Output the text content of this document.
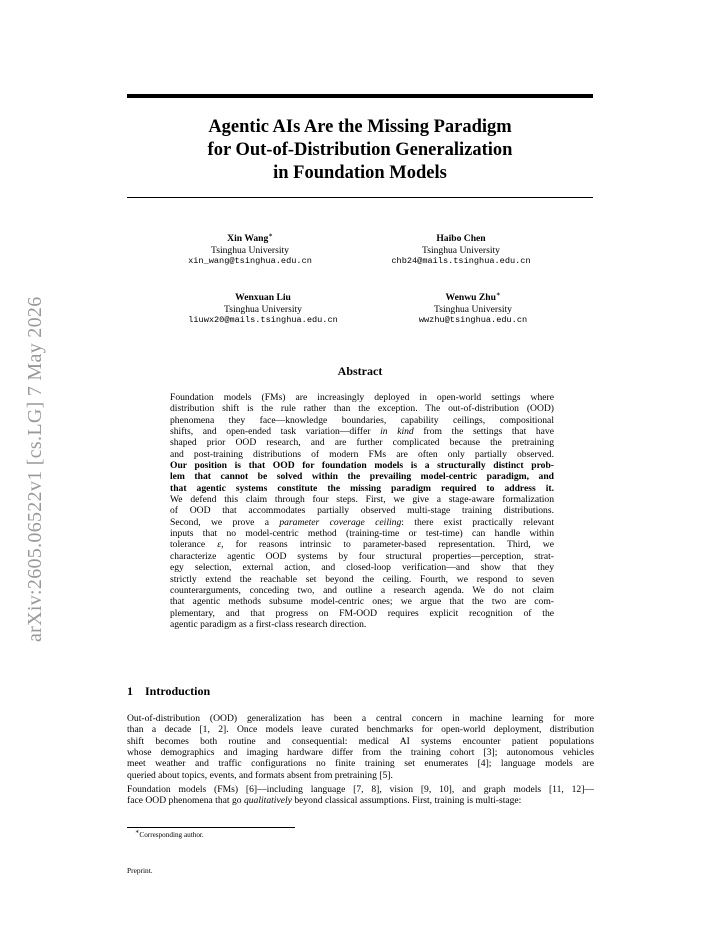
arXiv:2605.06522v1 [cs.LG] 7 May 2026
Agentic AIs Are the Missing Paradigm
for Out-of-Distribution Generalization
in Foundation Models
Xin Wang∗
Tsinghua University
xin_wang@tsinghua.edu.cn
Haibo Chen
Tsinghua University
chb24@mails.tsinghua.edu.cn
Wenxuan Liu
Tsinghua University
liuwx20@mails.tsinghua.edu.cn
Wenwu Zhu∗
Tsinghua University
wwzhu@tsinghua.edu.cn
Abstract
Foundation models (FMs) are increasingly deployed in open-world settings where
distribution shift is the rule rather than the exception. The out-of-distribution (OOD)
phenomena they face—knowledge boundaries, capability ceilings, compositional
shifts, and open-ended task variation—differ in kind from the settings that have
shaped prior OOD research, and are further complicated because the pretraining
and post-training distributions of modern FMs are often only partially observed.
Our position is that OOD for foundation models is a structurally distinct prob-
lem that cannot be solved within the prevailing model-centric paradigm, and
that agentic systems constitute the missing paradigm required to address it.
We defend this claim through four steps. First, we give a stage-aware formalization
of OOD that accommodates partially observed multi-stage training distributions.
Second, we prove a parameter coverage ceiling: there exist practically relevant
inputs that no model-centric method (training-time or test-time) can handle within
tolerance ε, for reasons intrinsic to parameter-based representation. Third, we
characterize agentic OOD systems by four structural properties—perception, strat-
egy selection, external action, and closed-loop verification—and show that they
strictly extend the reachable set beyond the ceiling. Fourth, we respond to seven
counterarguments, conceding two, and outline a research agenda. We do not claim
that agentic methods subsume model-centric ones; we argue that the two are com-
plementary, and that progress on FM-OOD requires explicit recognition of the
agentic paradigm as a first-class research direction.
1 Introduction
Out-of-distribution (OOD) generalization has been a central concern in machine learning for more
than a decade [1, 2]. Once models leave curated benchmarks for open-world deployment, distribution
shift becomes both routine and consequential: medical AI systems encounter patient populations
whose demographics and imaging hardware differ from the training cohort [3]; autonomous vehicles
meet weather and traffic configurations no finite training set enumerates [4]; language models are
queried about topics, events, and formats absent from pretraining [5].
Foundation models (FMs) [6]—including language [7, 8], vision [9, 10], and graph models [11, 12]—
face OOD phenomena that go qualitatively beyond classical assumptions. First, training is multi-stage:
∗Corresponding author.
Preprint.
